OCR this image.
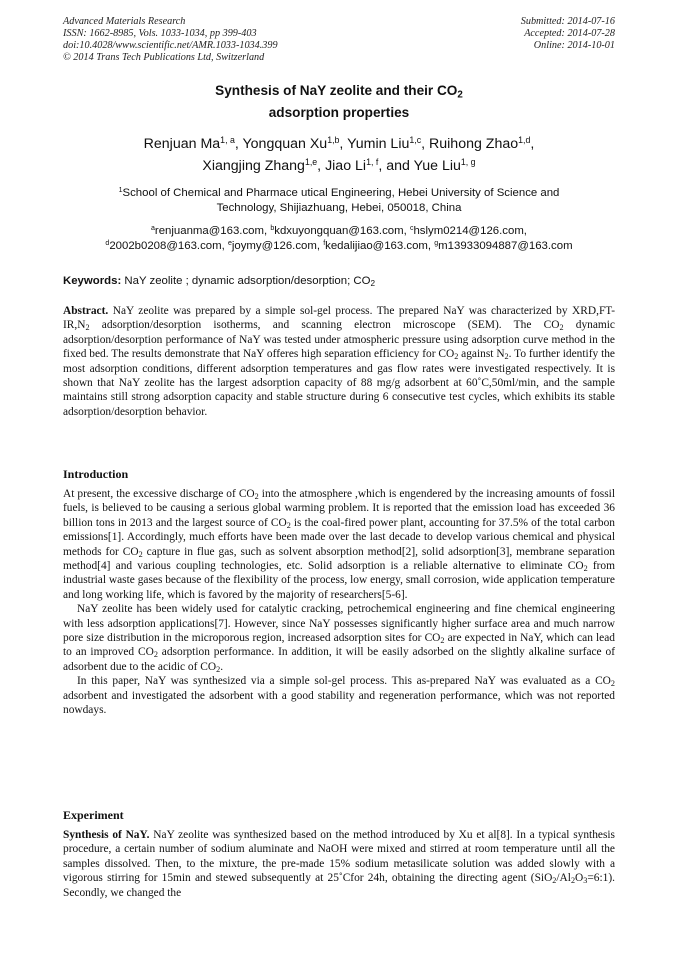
Advanced Materials Research
ISSN: 1662-8985, Vols. 1033-1034, pp 399-403
doi:10.4028/www.scientific.net/AMR.1033-1034.399
© 2014 Trans Tech Publications Ltd, Switzerland
Submitted: 2014-07-16
Accepted: 2014-07-28
Online: 2014-10-01
Synthesis of NaY zeolite and their $CO_2$
adsorption properties
Renjuan Ma$^{1, a}$, Yongquan Xu$^{1,b}$, Yumin Liu$^{1,c}$, Ruihong Zhao$^{1,d}$,
Xiangjing Zhang$^{1,e}$, Jiao Li$^{1, f}$, and Yue Liu$^{1, g}$
$^1$School of Chemical and Pharmace utical Engineering, Hebei University of Science and
Technology, Shijiazhuang, Hebei, 050018, China
$^a$renjuanma@163.com, $^b$kdxuyongquan@163.com, $^c$hslym0214@126.com,
$^d$2002b0208@163.com, $^e$joymy@126.com, $^f$kedalijiao@163.com, $^g$m13933094887@163.com
Keywords: NaY zeolite ; dynamic adsorption/desorption; $CO_2$

Abstract. NaY zeolite was prepared by a simple sol-gel process. The prepared NaY was characterized by $XRD,FT-IR,N_2$ adsorption/desorption isotherms, and scanning electron microscope (SEM). The $CO_2$ dynamic adsorption/desorption performance of NaY was tested under atmospheric pressure using adsorption curve method in the fixed bed. The results demonstrate that NaY offeres high separation efficiency for $CO_2$ against $N_2$. To further identify the most adsorption conditions, different adsorption temperatures and gas flow rates were investigated respectively. It is shown that NaY zeolite has the largest adsorption capacity of 88 mg/g adsorbent at 60˚C,50ml/min, and the sample maintains still strong adsorption capacity and stable structure during 6 consecutive test cycles, which exhibits its stable adsorption/desorption behavior.

Introduction

At present, the excessive discharge of $CO_2$ into the atmosphere ,which is engendered by the increasing amounts of fossil fuels, is believed to be causing a serious global warming problem. It is reported that the emission load has exceeded 36 billion tons in 2013 and the largest source of $CO_2$ is the coal-fired power plant, accounting for 37.5% of the total carbon emissions[1]. Accordingly, much efforts have been made over the last decade to develop various chemical and physical methods for $CO_2$ capture in flue gas, such as solvent absorption method[2], solid adsorption[3], membrane separation method[4] and various coupling technologies, etc. Solid adsorption is a reliable alternative to eliminate $CO_2$ from industrial waste gases because of the flexibility of the process, low energy, small corrosion, wide application temperature and long working life, which is favored by the majority of researchers[5-6].

NaY zeolite has been widely used for catalytic cracking, petrochemical engineering and fine chemical engineering with less adsorption applications[7]. However, since NaY possesses significantly higher surface area and much narrow pore size distribution in the microporous region, increased adsorption sites for $CO_2$ are expected in NaY, which can lead to an improved $CO_2$ adsorption performance. In addition, it will be easily adsorbed on the slightly alkaline surface of adsorbent due to the acidic of $CO_2$.

In this paper, NaY was synthesized via a simple sol-gel process. This as-prepared NaY was evaluated as a $CO_2$ adsorbent and investigated the adsorbent with a good stability and regeneration performance, which was not reported nowdays.

Experiment

Synthesis of NaY. NaY zeolite was synthesized based on the method introduced by Xu et al[8]. In a typical synthesis procedure, a certain number of sodium aluminate and NaOH were mixed and stirred at room temperature until all the samples dissolved. Then, to the mixture, the pre-made 15% sodium metasilicate solution was added slowly with a vigorous stirring for 15min and stewed subsequently at 25˚Cfor 24h, obtaining the directing agent $(SiO_2/Al_2O_3=6:1)$. Secondly, we changed the
